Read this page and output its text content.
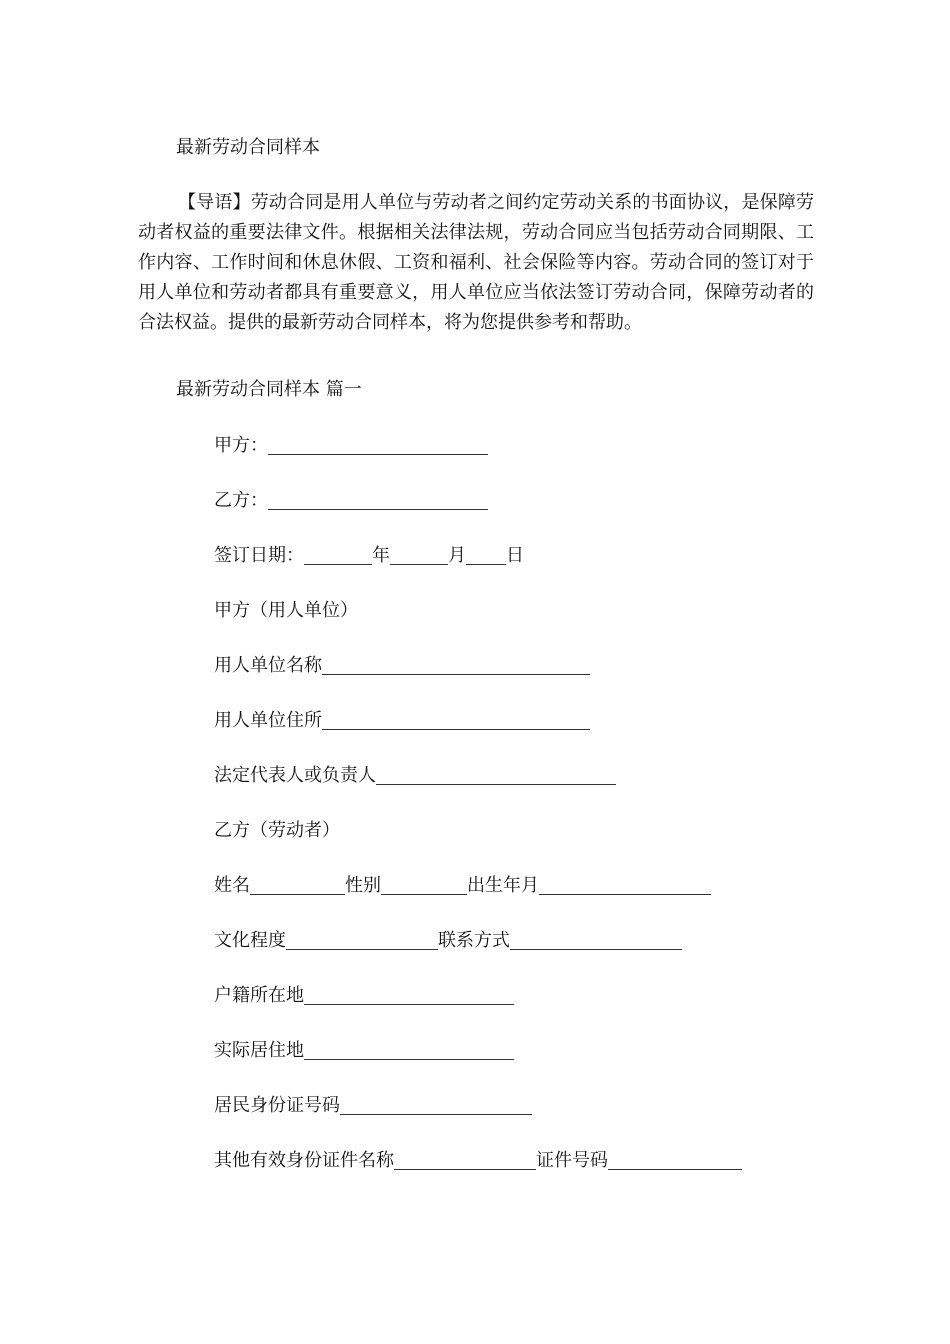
最新劳动合同样本

【导语】劳动合同是用人单位与劳动者之间约定劳动关系的书面协议，是保障劳动者权益的重要法律文件。根据相关法律法规，劳动合同应当包括劳动合同期限、工作内容、工作时间和休息休假、工资和福利、社会保险等内容。劳动合同的签订对于用人单位和劳动者都具有重要意义，用人单位应当依法签订劳动合同，保障劳动者的合法权益。提供的最新劳动合同样本，将为您提供参考和帮助。

最新劳动合同样本 篇一
甲方：
乙方：
签订日期：	年	月 日
甲方（用人单位）
用人单位名称
用人单位住所
法定代表人或负责人
乙方（劳动者）
姓名	性别	出生年月
文化程度	联系方式
户籍所在地
实际居住地
居民身份证号码
其他有效身份证件名称	证件号码
